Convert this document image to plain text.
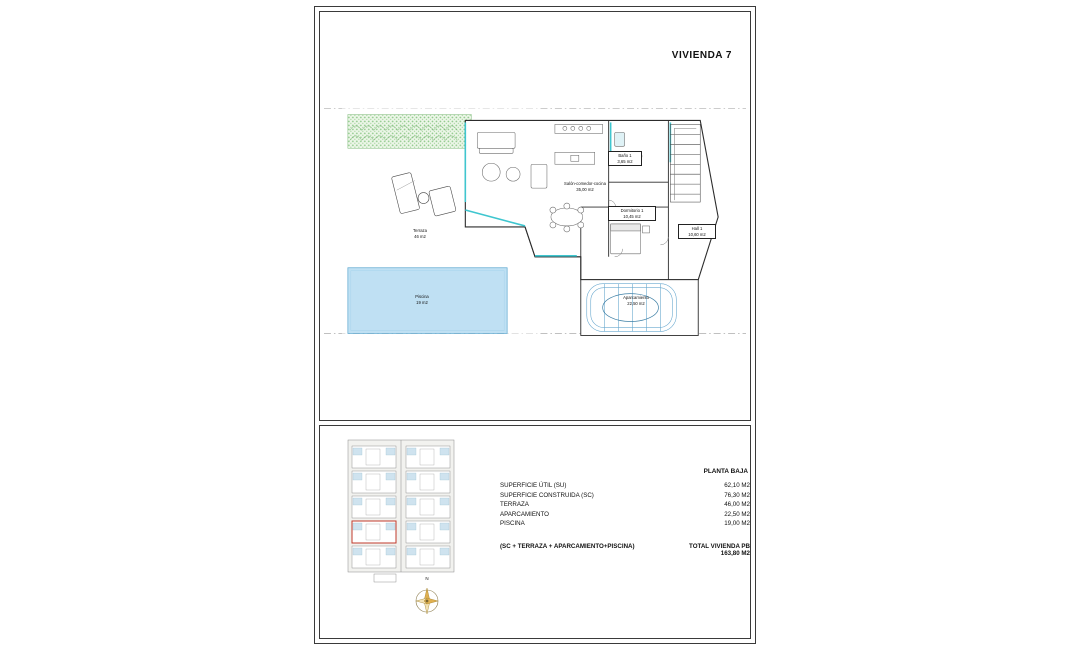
VIVIENDA 7
Terraza
46 m2
Piscina
19 m2
Salón-comedor-cocina
35,00 m2
Baño 1
3,65 m2
Dormitorio 1
10,45 m2
Hall 1
10,60 m2
Aparcamiento
22,50 m2
PLANTA BAJA
SUPERFICIE ÚTIL (SU)	62,10 M2
SUPERFICIE CONSTRUIDA (SC)	76,30 M2
TERRAZA	46,00 M2
APARCAMIENTO	22,50 M2
PISCINA	19,00 M2
(SC + TERRAZA + APARCAMIENTO+PISCINA)	TOTAL VIVIENDA PB
163,80 M2
N
